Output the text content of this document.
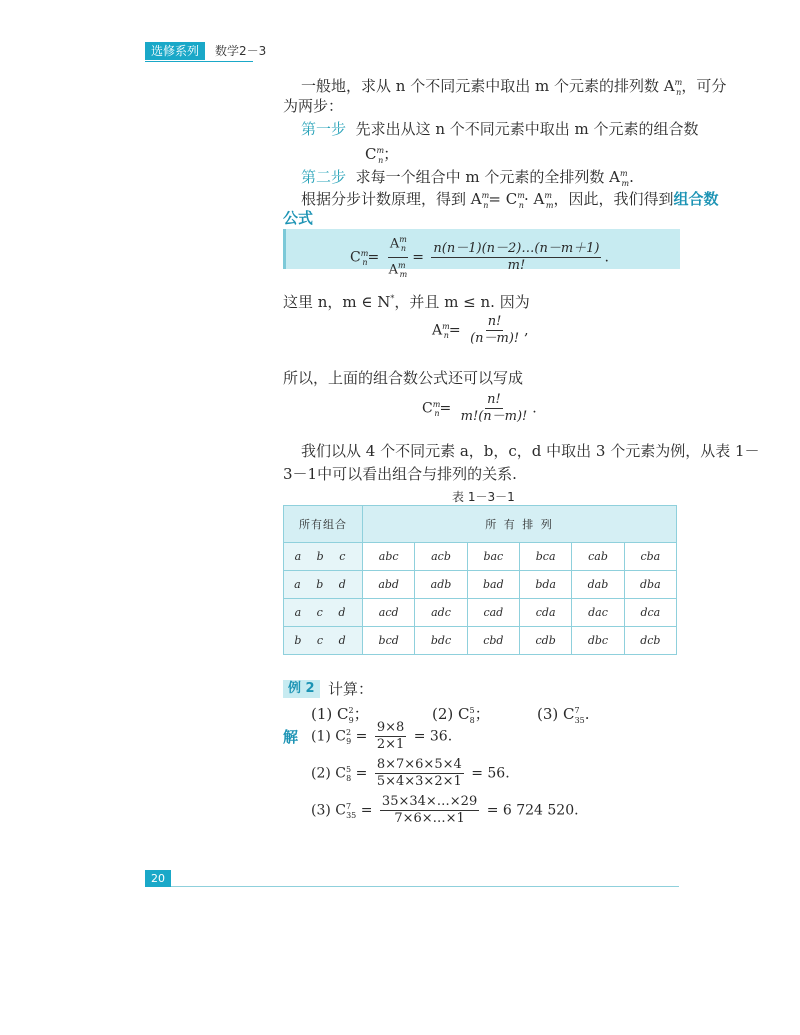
选修系列	数学2－3
一般地，求从 n 个不同元素中取出 m 个元素的排列数 $A^m_n$，可分
为两步：
第一步 先求出从这 n 个不同元素中取出 m 个元素的组合数
$C^m_n$；
第二步 求每一个组合中 m 个元素的全排列数 $A^m_m$.
根据分步计数原理，得到 $A^m_n= C^m_n\cdot A^m_m$，因此，我们得到组合数
公式
$C^m_n= \frac{A^m_n}{A^m_m} = \frac{n(n-1)(n-2)\dots(n-m+1)}{m!}$ .
这里 n，m ∈ N*，并且 m ≤ n. 因为
$A^m_n= \frac{n!}{(n-m)!}$ ,
所以，上面的组合数公式还可以写成
$C^m_n= \frac{n!}{m!(n-m)!}$ .
我们以从 4 个不同元素 a，b，c，d 中取出 3 个元素为例，从表 1－
3－1中可以看出组合与排列的关系.
表 1－3－1
所有组合	所 有 排 列					
a b c	abc	acb	bac	bca	cab	cba
a b d	abd	adb	bad	bda	dab	dba
a c d	acd	adc	cad	cda	dac	dca
b c d	bcd	bdc	cbd	cdb	dbc	dcb
例 2 计算：
(1) $C^2_9$；	(2) $C^5_8$；	(3) $C^7_{35}$.
解 (1) $C^2_9 = \frac{9\times 8}{2\times 1} = 36$.
(2) $C^5_8 = \frac{8\times 7\times 6\times 5\times 4}{5\times 4\times 3\times 2\times 1} = 56$.
(3) $C^7_{35} = \frac{35\times 34\times\dots\times 29}{7\times 6\times\dots\times 1} = 6$ 724 520.
20
